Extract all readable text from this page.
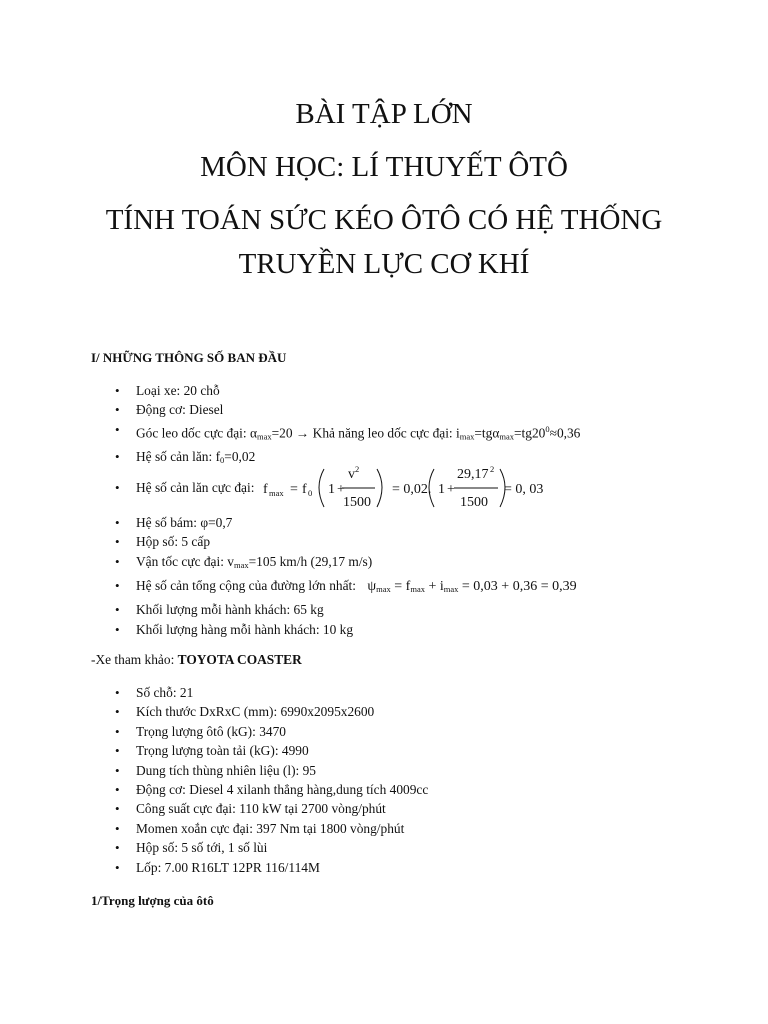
BÀI TẬP LỚN
MÔN HỌC: LÍ THUYẾT ÔTÔ
TÍNH TOÁN SỨC KÉO ÔTÔ CÓ HỆ THỐNG
TRUYỀN LỰC CƠ KHÍ
I/ NHỮNG THÔNG SỐ BAN ĐẦU
• Loại xe: 20 chỗ
• Động cơ: Diesel
• Góc leo dốc cực đại: $\alpha_{max}=20$ → Khả năng leo dốc cực đại: $i_{max}=tg\alpha_{max}=tg20^0\approx 0,36$
• Hệ số cản lăn: $f_0=0,02$
• Hệ số cản lăn cực đại: f max = f 0 1 +
v 2
1500
= 0,02. 1 +
29,17 2
1500
= 0, 03
• Hệ số bám: φ=0,7
• Hộp số: 5 cấp
• Vận tốc cực đại: $v_{max}=105$ km/h (29,17 m/s)
• Hệ số cản tổng cộng của đường lớn nhất: $\psi_{max} = f_{max} + i_{max} = 0,03 + 0,36 = 0,39$
• Khối lượng mỗi hành khách: 65 kg
• Khối lượng hàng mỗi hành khách: 10 kg
-Xe tham khảo: TOYOTA COASTER
• Số chỗ: 21
• Kích thước DxRxC (mm): 6990x2095x2600
• Trọng lượng ôtô (kG): 3470
• Trọng lượng toàn tải (kG): 4990
• Dung tích thùng nhiên liệu (l): 95
• Động cơ: Diesel 4 xilanh thẳng hàng,dung tích 4009cc
• Công suất cực đại: 110 kW tại 2700 vòng/phút
• Momen xoắn cực đại: 397 Nm tại 1800 vòng/phút
• Hộp số: 5 số tới, 1 số lùi
• Lốp: 7.00 R16LT 12PR 116/114M
1/Trọng lượng của ôtô
